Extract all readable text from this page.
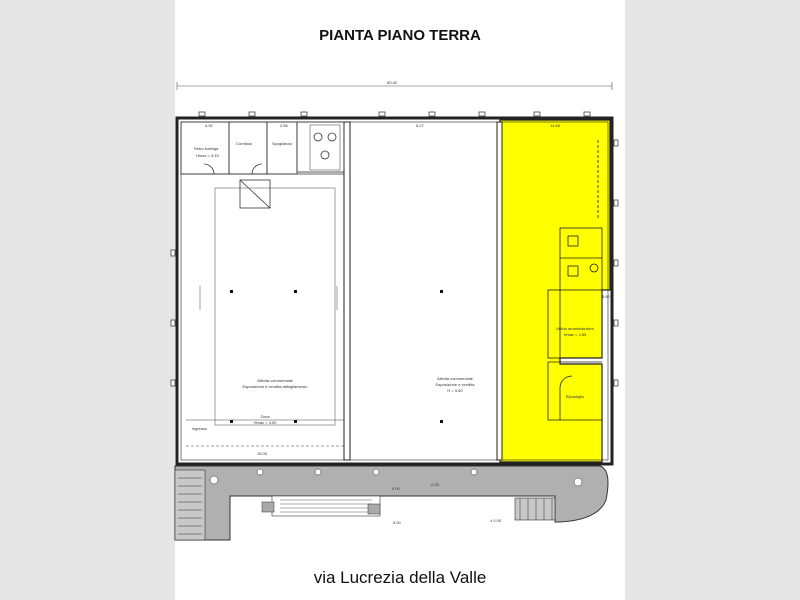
PIANTA PIANO TERRA
60.40
4.92	2.56	6.27	14.66
15.05
5.80
Retro bottega
Hmax = 3.40
Corridoio	Spogliatoio
Attività commerciale
Esposizione e vendita abbigliamento
Zona
Hmax = 4.00
ingresso
Attività commerciale
Esposizione e vendita
H = 5.50
Ufficio amministrativo
Hmax = 2.85
Ripostiglio
0.00
-0.20
± 0.00
0.00
via Lucrezia della Valle
